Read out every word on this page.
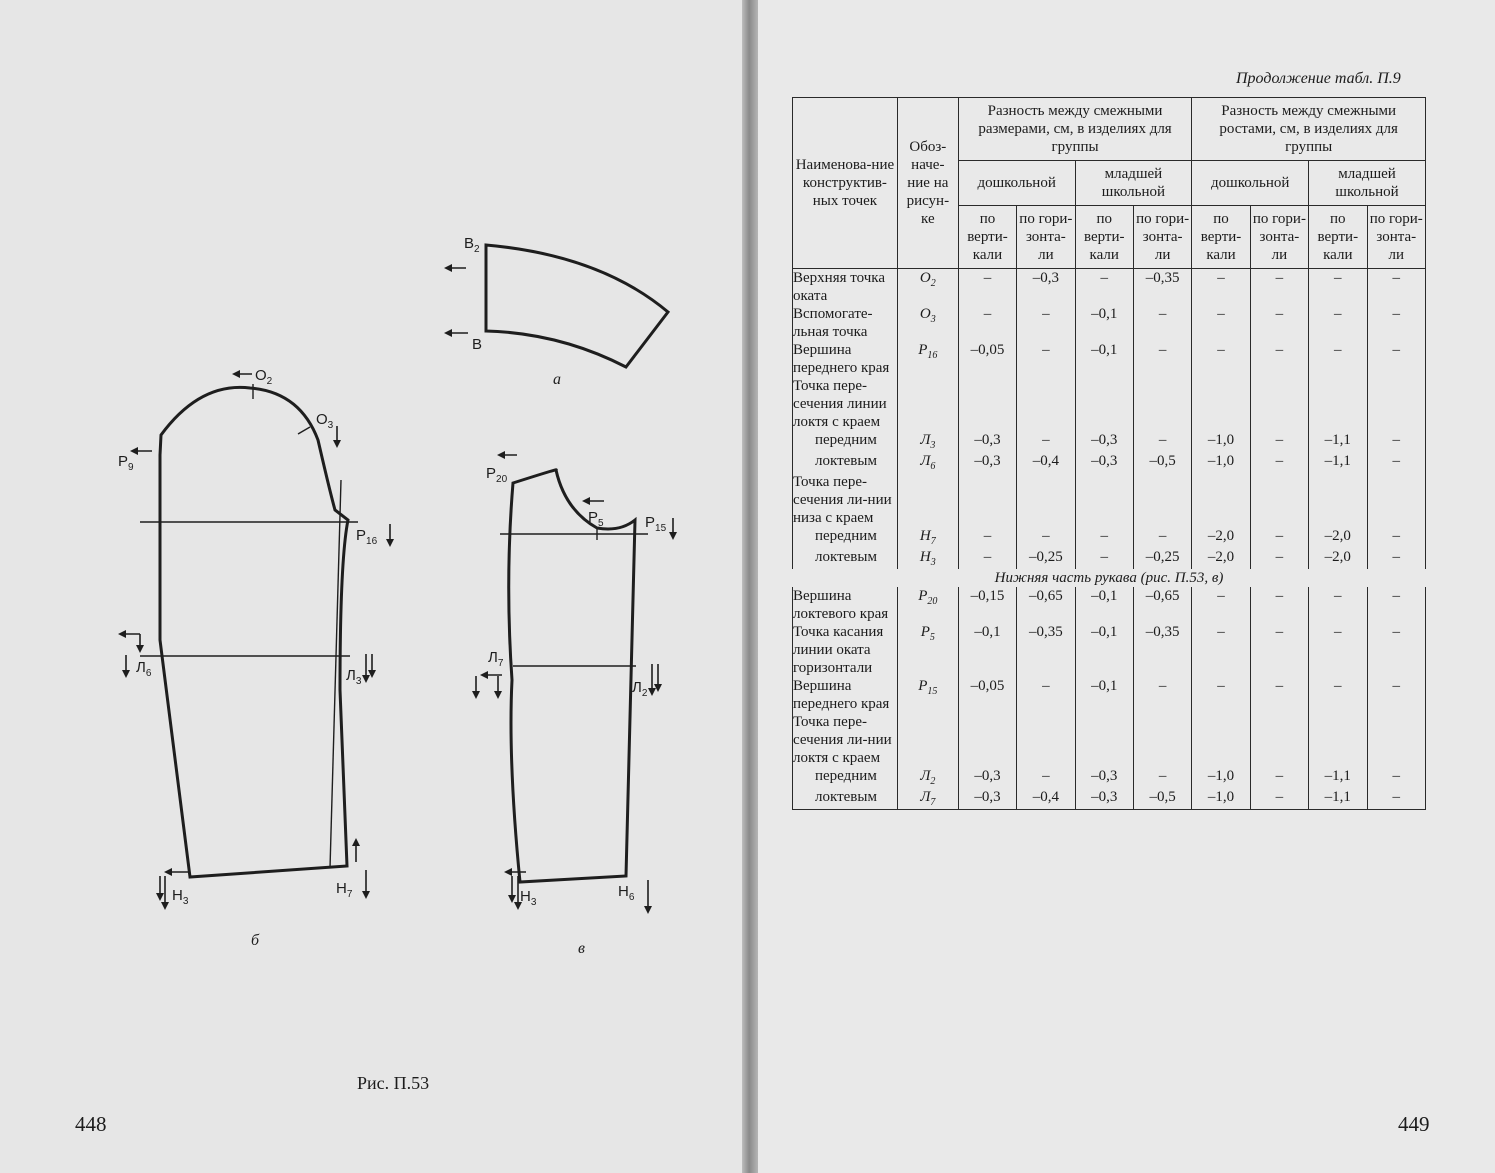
$В_2$
В
а
$О_2$
$О_3$
$Р_9$
$Р_{16}$
$Л_6$	$Л_3$
$Н_3$
$Н_7$
б
$Р_{20}$
$Р_5$	$Р_{15}$
$Л_7$
$Л_2$
$Н_3$
$Н_6$
в
Рис. П.53
448
Продолжение табл. П.9
Наименова-ние конструктив-ных точек	Обоз-наче-ние на рисун-ке	Разность между смежными размерами, см, в изделиях для группы				Разность между смежными ростами, см, в изделиях для группы			
		дошкольной		младшей школьной		дошкольной		младшей школьной	
		по верти-кали	по гори-зонта-ли	по верти-кали	по гори-зонта-ли	по верти-кали	по гори-зонта-ли	по верти-кали	по гори-зонта-ли
Верхняя точка оката	$О_2$	–	–0,3	–	–0,35	–	–	–	–
Вспомогате-льная точка	$О_3$	–	–	–0,1	–	–	–	–	–
Вершина переднего края	$Р_{16}$	–0,05	–	–0,1	–	–	–	–	–
Точка пере-сечения линии локтя с краем									
передним	$Л_3$	–0,3	–	–0,3	–	–1,0	–	–1,1	–
локтевым	$Л_6$	–0,3	–0,4	–0,3	–0,5	–1,0	–	–1,1	–
Точка пере-сечения ли-нии низа с краем									
передним	$Н_7$	–	–	–	–	–2,0	–	–2,0	–
локтевым	$Н_3$	–	–0,25	–	–0,25	–2,0	–	–2,0	–
Нижняя часть рукава (рис. П.53, в)									
Вершина локтевого края	$Р_{20}$	–0,15	–0,65	–0,1	–0,65	–	–	–	–
Точка касания линии оката горизонтали	$Р_5$	–0,1	–0,35	–0,1	–0,35	–	–	–	–
Вершина переднего края	$Р_{15}$	–0,05	–	–0,1	–	–	–	–	–
Точка пере-сечения ли-нии локтя с краем									
передним	$Л_2$	–0,3	–	–0,3	–	–1,0	–	–1,1	–
локтевым	$Л_7$	–0,3	–0,4	–0,3	–0,5	–1,0	–	–1,1	–
449
